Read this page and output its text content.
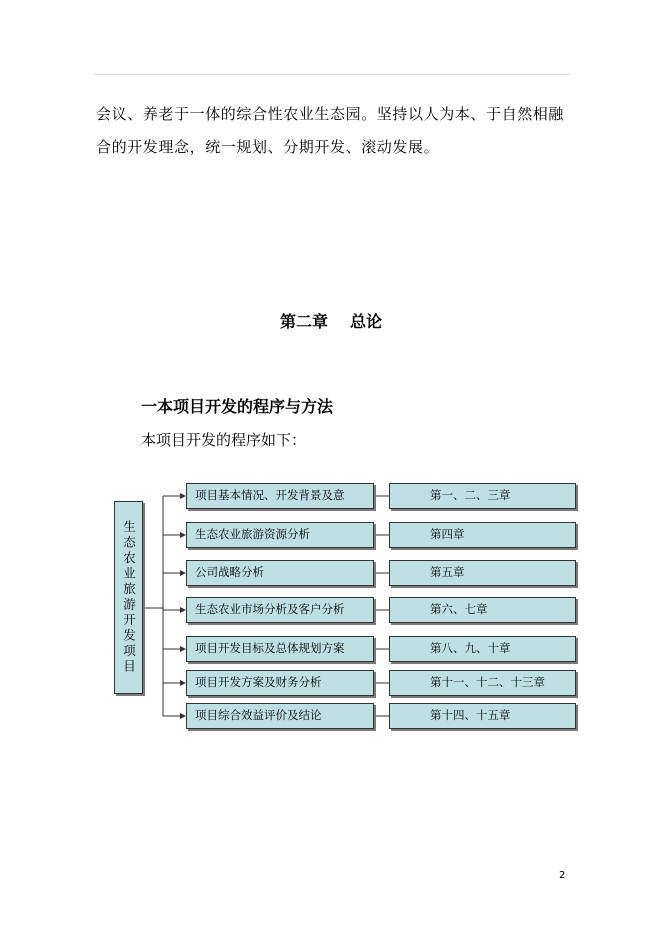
会议、养老于一体的综合性农业生态园。坚持以人为本、于自然相融
合的开发理念，统一规划、分期开发、滚动发展。
第二章 总论
一本项目开发的程序与方法
本项目开发的程序如下：
生态农业旅游开发项目
项目基本情况、开发背景及意	第一、二、三章
生态农业旅游资源分析	第四章
公司战略分析	第五章
生态农业市场分析及客户分析	第六、七章
项目开发目标及总体规划方案	第八、九、十章
项目开发方案及财务分析	第十一、十二、十三章
项目综合效益评价及结论	第十四、十五章
2
